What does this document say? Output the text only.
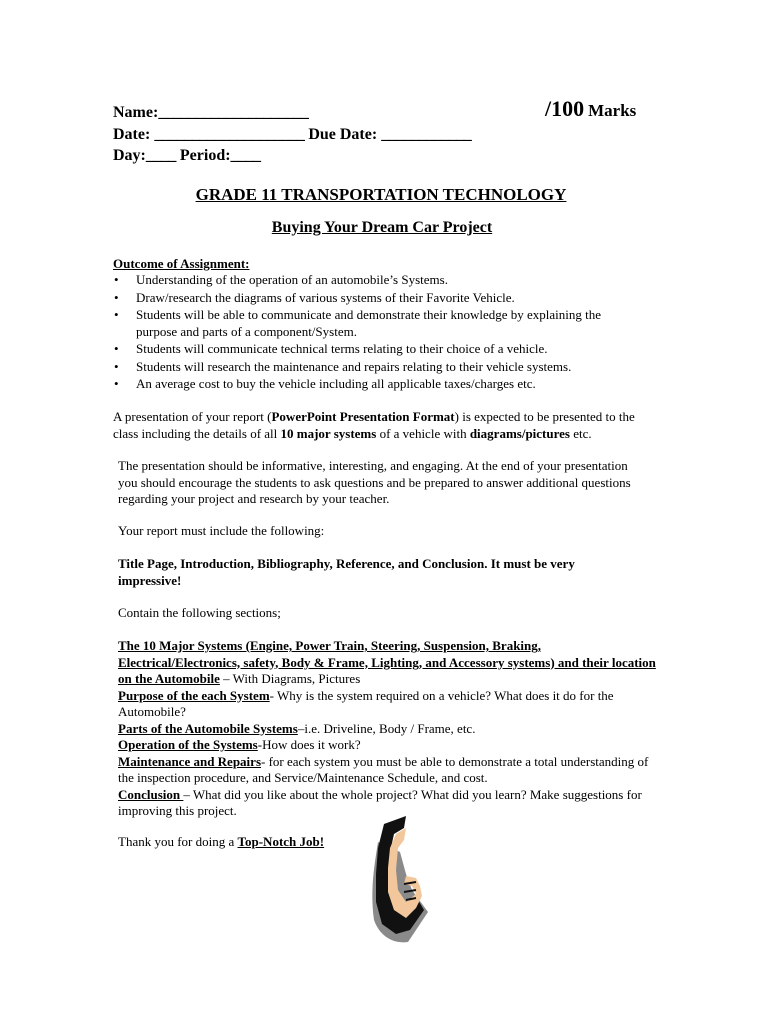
Name:____________________	/100 Marks
Date: ____________________ Due Date: ____________
Day:____ Period:____
GRADE 11 TRANSPORTATION TECHNOLOGY
Buying Your Dream Car Project
Outcome of Assignment:
• Understanding of the operation of an automobile’s Systems.
• Draw/research the diagrams of various systems of their Favorite Vehicle.
• Students will be able to communicate and demonstrate their knowledge by explaining the purpose and parts of a component/System.
• Students will communicate technical terms relating to their choice of a vehicle.
• Students will research the maintenance and repairs relating to their vehicle systems.
• An average cost to buy the vehicle including all applicable taxes/charges etc.
A presentation of your report (PowerPoint Presentation Format) is expected to be presented to the class including the details of all 10 major systems of a vehicle with diagrams/pictures etc.
The presentation should be informative, interesting, and engaging. At the end of your presentation you should encourage the students to ask questions and be prepared to answer additional questions regarding your project and research by your teacher.
Your report must include the following:
Title Page, Introduction, Bibliography, Reference, and Conclusion. It must be very impressive!
Contain the following sections;
The 10 Major Systems (Engine, Power Train, Steering, Suspension, Braking, Electrical/Electronics, safety, Body & Frame, Lighting, and Accessory systems) and their location on the Automobile – With Diagrams, Pictures
Purpose of the each System- Why is the system required on a vehicle? What does it do for the Automobile?
Parts of the Automobile Systems–i.e. Driveline, Body / Frame, etc.
Operation of the Systems-How does it work?
Maintenance and Repairs- for each system you must be able to demonstrate a total understanding of the inspection procedure, and Service/Maintenance Schedule, and cost.
Conclusion – What did you like about the whole project? What did you learn? Make suggestions for improving this project.
Thank you for doing a Top-Notch Job!
